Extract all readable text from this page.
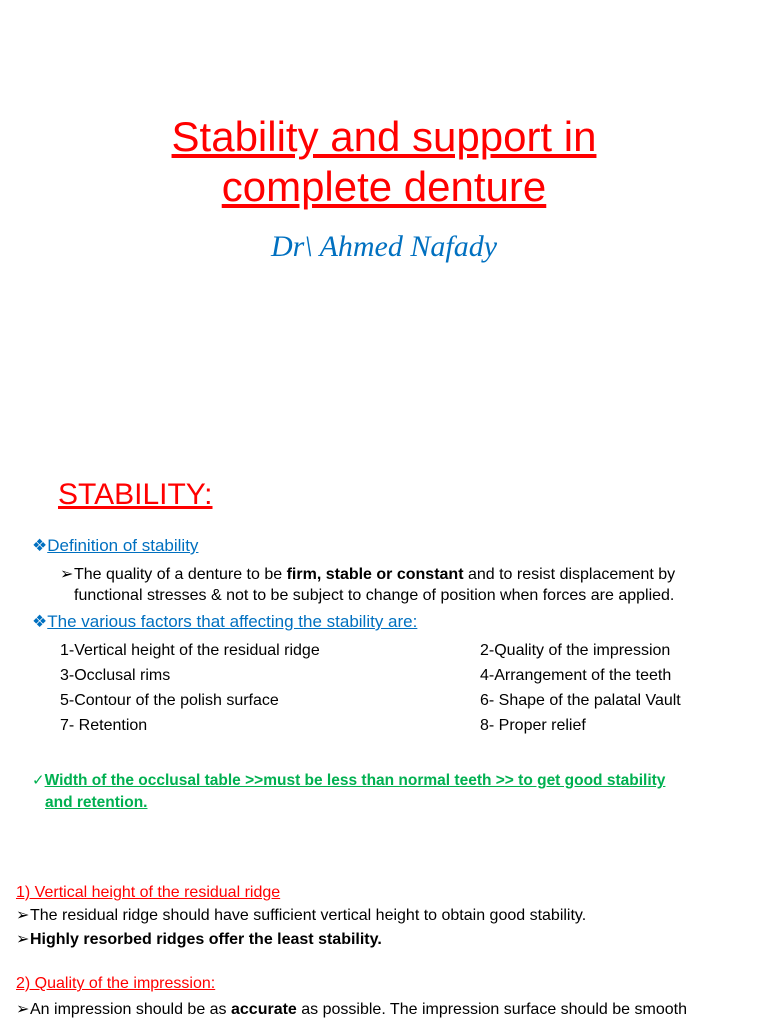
Stability and support in
complete denture
Dr\ Ahmed Nafady
STABILITY:
❖Definition of stability
➢The quality of a denture to be firm, stable or constant and to resist displacement by
functional stresses & not to be subject to change of position when forces are applied.
❖The various factors that affecting the stability are:
1-Vertical height of the residual ridge
3-Occlusal rims
5-Contour of the polish surface
7- Retention
2-Quality of the impression
4-Arrangement of the teeth
6- Shape of the palatal Vault
8- Proper relief
✓Width of the occlusal table >>must be less than normal teeth >> to get good stability
and retention.
1) Vertical height of the residual ridge
➢The residual ridge should have sufficient vertical height to obtain good stability.
➢Highly resorbed ridges offer the least stability.
2) Quality of the impression:
➢An impression should be as accurate as possible. The impression surface should be smooth
